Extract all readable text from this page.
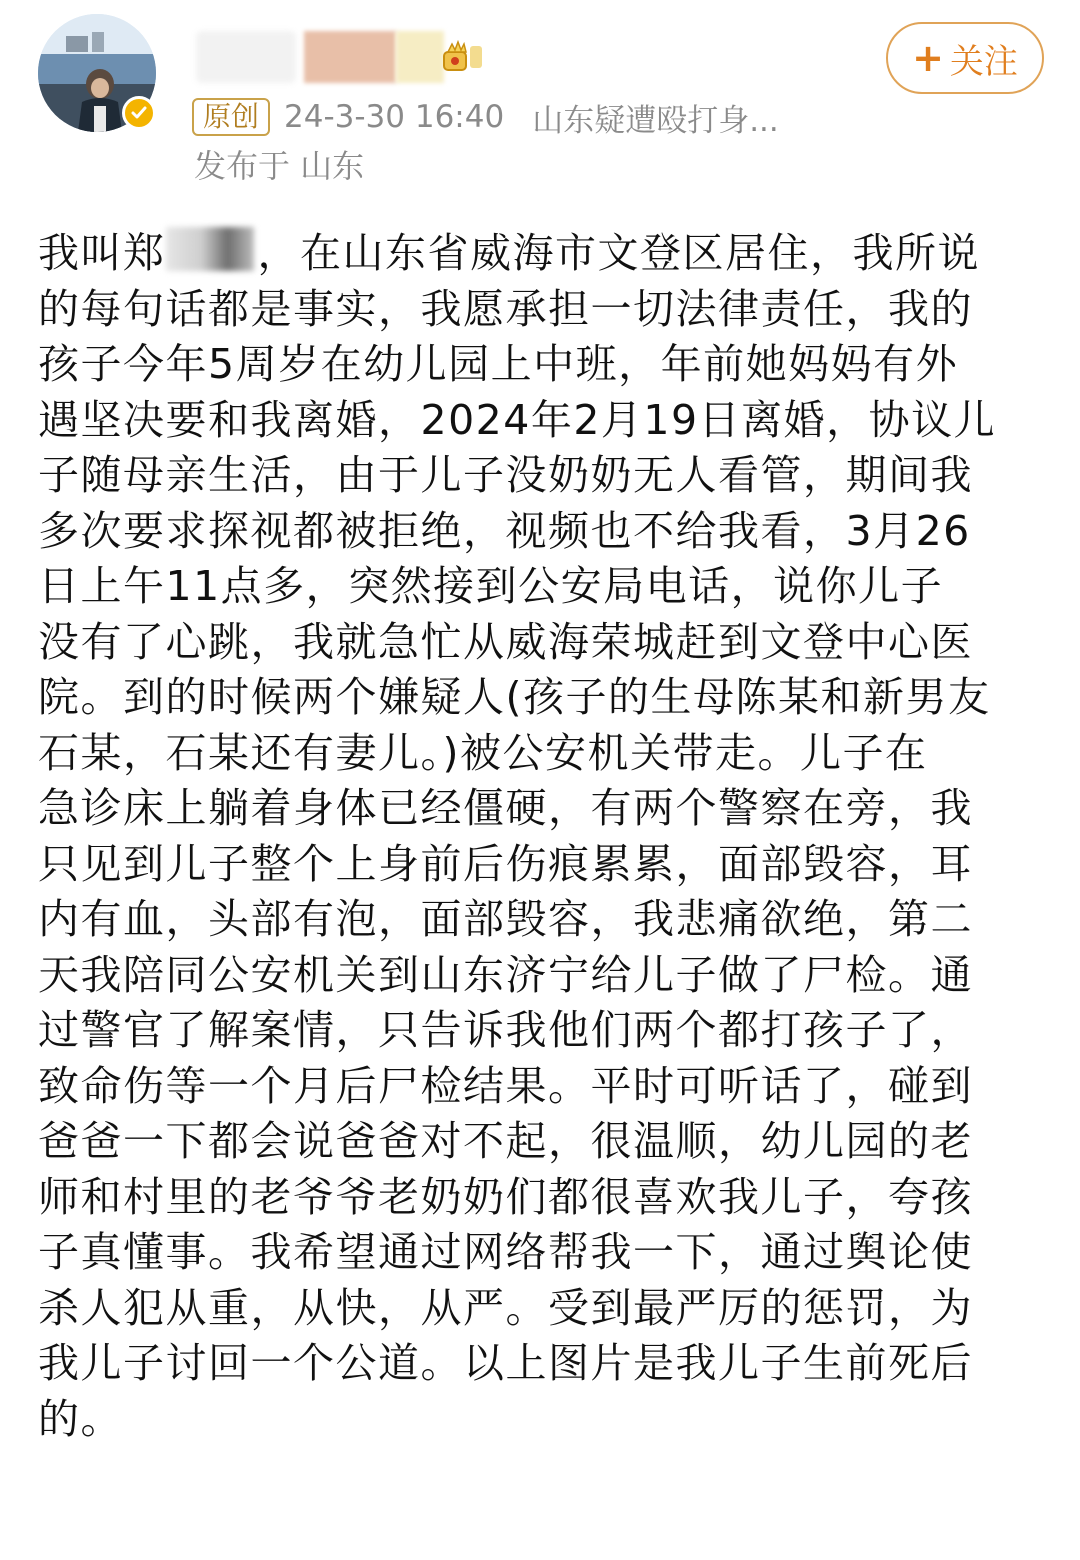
原创 24-3-30 16:40 山东疑遭殴打身...
发布于 山东
+ 关注
我叫郑 ，在山东省威海市文登区居住，我所说
的每句话都是事实，我愿承担一切法律责任，我的
孩子今年5周岁在幼儿园上中班，年前她妈妈有外
遇坚决要和我离婚，2024年2月19日离婚，协议儿
子随母亲生活，由于儿子没奶奶无人看管，期间我
多次要求探视都被拒绝，视频也不给我看，3月26
日上午11点多，突然接到公安局电话，说你儿子
没有了心跳，我就急忙从威海荣城赶到文登中心医
院。到的时候两个嫌疑人(孩子的生母陈某和新男友
石某，石某还有妻儿。)被公安机关带走。儿子在
急诊床上躺着身体已经僵硬，有两个警察在旁，我
只见到儿子整个上身前后伤痕累累，面部毁容，耳
内有血，头部有泡，面部毁容，我悲痛欲绝，第二
天我陪同公安机关到山东济宁给儿子做了尸检。通
过警官了解案情，只告诉我他们两个都打孩子了，
致命伤等一个月后尸检结果。平时可听话了，碰到
爸爸一下都会说爸爸对不起，很温顺，幼儿园的老
师和村里的老爷爷老奶奶们都很喜欢我儿子，夸孩
子真懂事。我希望通过网络帮我一下，通过舆论使
杀人犯从重，从快，从严。受到最严厉的惩罚，为
我儿子讨回一个公道。以上图片是我儿子生前死后
的。
